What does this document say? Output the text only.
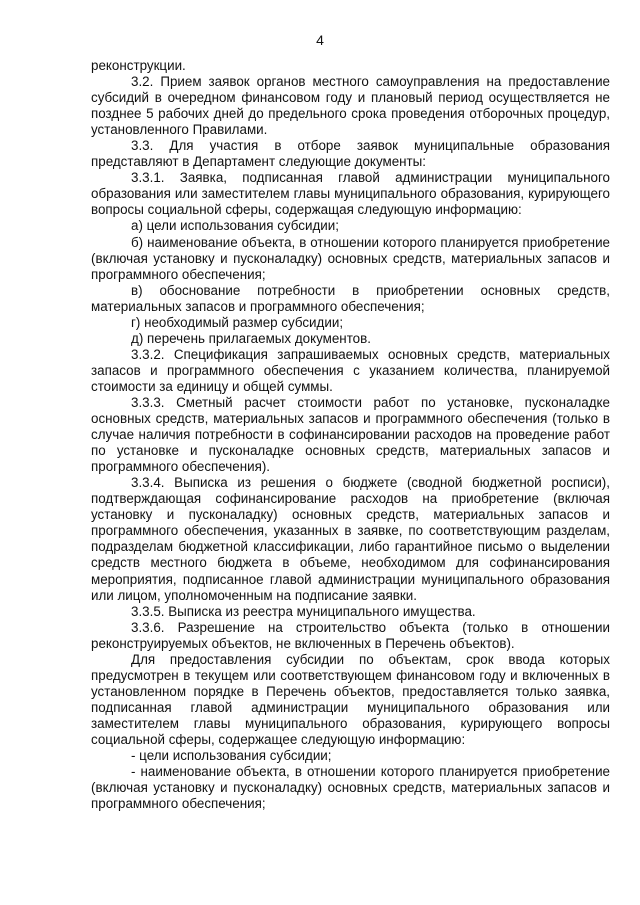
4

реконструкции.

3.2. Прием заявок органов местного самоуправления на предоставление субсидий в очередном финансовом году и плановый период осуществляется не позднее 5 рабочих дней до предельного срока проведения отборочных процедур, установленного Правилами.

3.3. Для участия в отборе заявок муниципальные образования представляют в Департамент следующие документы:

3.3.1. Заявка, подписанная главой администрации муниципального образования или заместителем главы муниципального образования, курирующего вопросы социальной сферы, содержащая следующую информацию:

а) цели использования субсидии;

б) наименование объекта, в отношении которого планируется приобретение (включая установку и пусконаладку) основных средств, материальных запасов и программного обеспечения;

в) обоснование потребности в приобретении основных средств, материальных запасов и программного обеспечения;

г) необходимый размер субсидии;

д) перечень прилагаемых документов.

3.3.2. Спецификация запрашиваемых основных средств, материальных запасов и программного обеспечения с указанием количества, планируемой стоимости за единицу и общей суммы.

3.3.3. Сметный расчет стоимости работ по установке, пусконаладке основных средств, материальных запасов и программного обеспечения (только в случае наличия потребности в софинансировании расходов на проведение работ по установке и пусконаладке основных средств, материальных запасов и программного обеспечения).

3.3.4. Выписка из решения о бюджете (сводной бюджетной росписи), подтверждающая софинансирование расходов на приобретение (включая установку и пусконаладку) основных средств, материальных запасов и программного обеспечения, указанных в заявке, по соответствующим разделам, подразделам бюджетной классификации, либо гарантийное письмо о выделении средств местного бюджета в объеме, необходимом для софинансирования мероприятия, подписанное главой администрации муниципального образования или лицом, уполномоченным на подписание заявки.

3.3.5. Выписка из реестра муниципального имущества.

3.3.6. Разрешение на строительство объекта (только в отношении реконструируемых объектов, не включенных в Перечень объектов).

Для предоставления субсидии по объектам, срок ввода которых предусмотрен в текущем или соответствующем финансовом году и включенных в установленном порядке в Перечень объектов, предоставляется только заявка, подписанная главой администрации муниципального образования или заместителем главы муниципального образования, курирующего вопросы социальной сферы, содержащее следующую информацию:

- цели использования субсидии;

- наименование объекта, в отношении которого планируется приобретение (включая установку и пусконаладку) основных средств, материальных запасов и программного обеспечения;
